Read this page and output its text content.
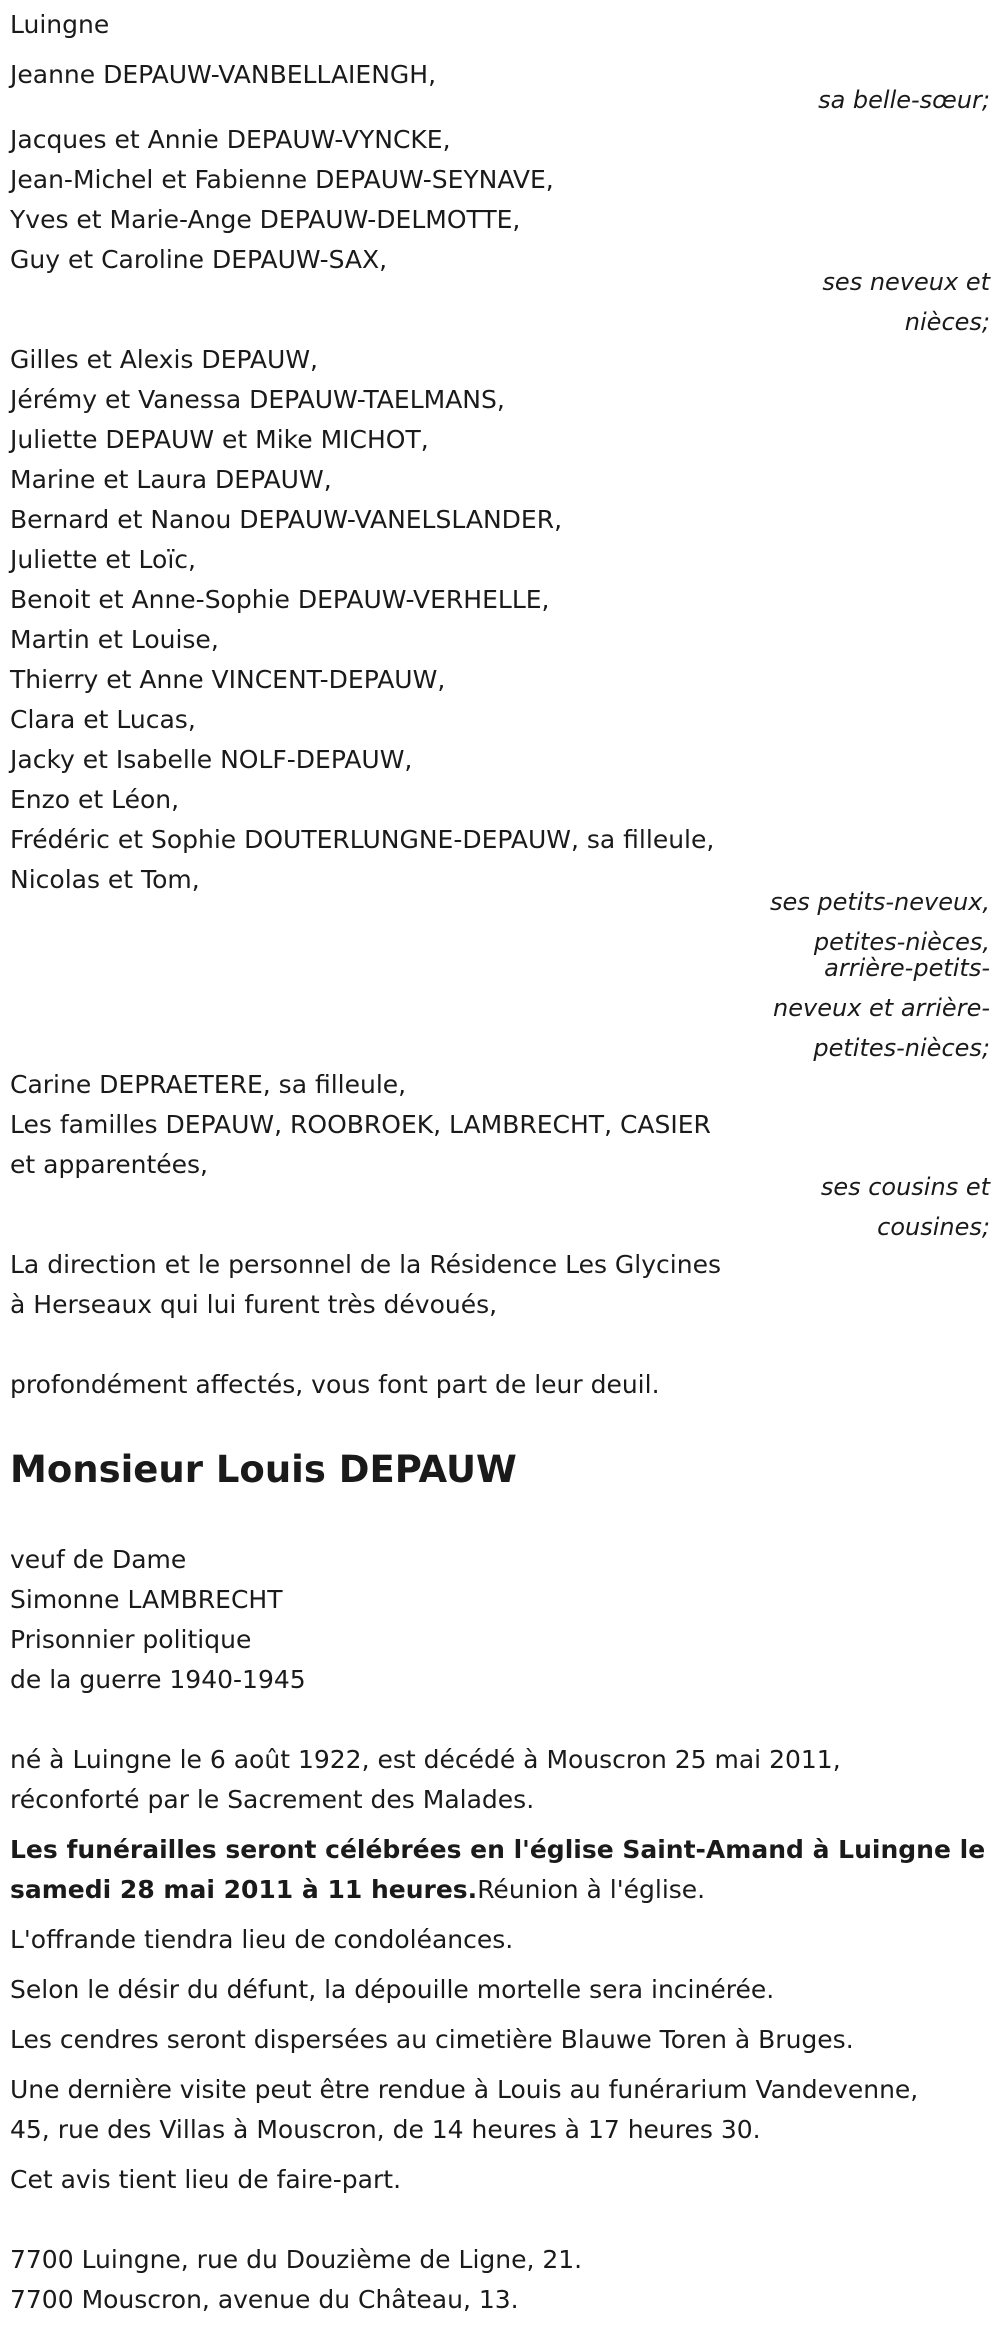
Luingne
Jeanne DEPAUW-VANBELLAIENGH,
sa belle-sœur;
Jacques et Annie DEPAUW-VYNCKE,
Jean-Michel et Fabienne DEPAUW-SEYNAVE,
Yves et Marie-Ange DEPAUW-DELMOTTE,
Guy et Caroline DEPAUW-SAX,
ses neveux et
nièces;
Gilles et Alexis DEPAUW,
Jérémy et Vanessa DEPAUW-TAELMANS,
Juliette DEPAUW et Mike MICHOT,
Marine et Laura DEPAUW,
Bernard et Nanou DEPAUW-VANELSLANDER,
Juliette et Loïc,
Benoit et Anne-Sophie DEPAUW-VERHELLE,
Martin et Louise,
Thierry et Anne VINCENT-DEPAUW,
Clara et Lucas,
Jacky et Isabelle NOLF-DEPAUW,
Enzo et Léon,
Frédéric et Sophie DOUTERLUNGNE-DEPAUW, sa filleule,
Nicolas et Tom,
ses petits-neveux,
petites-nièces,
arrière-petits-
neveux et arrière-
petites-nièces;
Carine DEPRAETERE, sa filleule,
Les familles DEPAUW, ROOBROEK, LAMBRECHT, CASIER
et apparentées,
ses cousins et
cousines;
La direction et le personnel de la Résidence Les Glycines
à Herseaux qui lui furent très dévoués,
profondément affectés, vous font part de leur deuil.
Monsieur Louis DEPAUW
veuf de Dame
Simonne LAMBRECHT
Prisonnier politique
de la guerre 1940-1945
né à Luingne le 6 août 1922, est décédé à Mouscron 25 mai 2011,
réconforté par le Sacrement des Malades.
Les funérailles seront célébrées en l'église Saint-Amand à Luingne le
samedi 28 mai 2011 à 11 heures.Réunion à l'église.
L'offrande tiendra lieu de condoléances.
Selon le désir du défunt, la dépouille mortelle sera incinérée.
Les cendres seront dispersées au cimetière Blauwe Toren à Bruges.
Une dernière visite peut être rendue à Louis au funérarium Vandevenne,
45, rue des Villas à Mouscron, de 14 heures à 17 heures 30.
Cet avis tient lieu de faire-part.
7700 Luingne, rue du Douzième de Ligne, 21.
7700 Mouscron, avenue du Château, 13.
